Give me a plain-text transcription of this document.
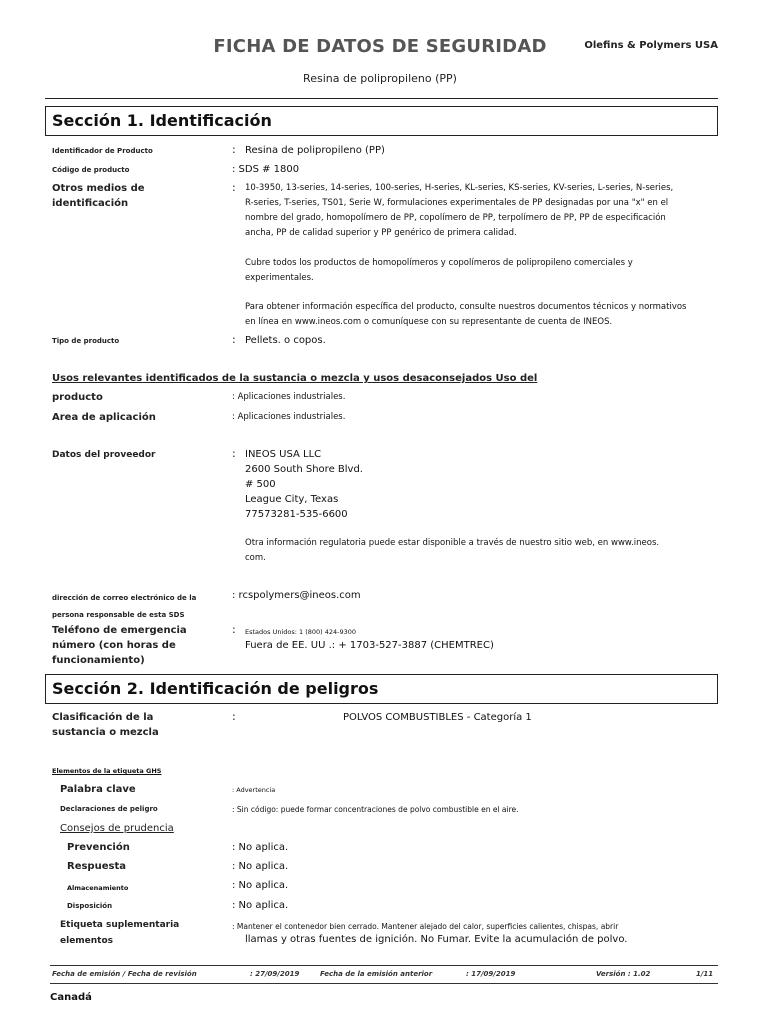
FICHA DE DATOS DE SEGURIDAD	Olefins & Polymers USA
Resina de polipropileno (PP)
Sección 1. Identificación
Identificador de Producto	: Resina de polipropileno (PP)
Código de producto	: SDS # 1800
Otros medios de
identificación
: 10-3950, 13-series, 14-series, 100-series, H-series, KL-series, KS-series, KV-series, L-series, N-series,
R-series, T-series, TS01, Serie W, formulaciones experimentales de PP designadas por una "x" en el
nombre del grado, homopolímero de PP, copolímero de PP, terpolímero de PP, PP de especificación
ancha, PP de calidad superior y PP genérico de primera calidad.
Cubre todos los productos de homopolímeros y copolímeros de polipropileno comerciales y
experimentales.
Para obtener información específica del producto, consulte nuestros documentos técnicos y normativos
en línea en www.ineos.com o comuníquese con su representante de cuenta de INEOS.
Tipo de producto	: Pellets. o copos.
Usos relevantes identificados de la sustancia o mezcla y usos desaconsejados Uso del
producto	: Aplicaciones industriales.
Area de aplicación	: Aplicaciones industriales.
Datos del proveedor	: INEOS USA LLC
2600 South Shore Blvd.
# 500
League City, Texas
77573281-535-6600
Otra información regulatoria puede estar disponible a través de nuestro sitio web, en www.ineos.
com.
dirección de correo electrónico de la
persona responsable de esta SDS
: rcspolymers@ineos.com
Teléfono de emergencia
número (con horas de
funcionamiento)
: Estados Unidos: 1 (800) 424-9300
Fuera de EE. UU .: + 1703-527-3887 (CHEMTREC)
Sección 2. Identificación de peligros
Clasificación de la
sustancia o mezcla
:	POLVOS COMBUSTIBLES - Categoría 1
Elementos de la etiqueta GHS
Palabra clave	: Advertencia
Declaraciones de peligro	: Sin código: puede formar concentraciones de polvo combustible en el aire.
Consejos de prudencia
Prevención	: No aplica.
Respuesta	: No aplica.
Almacenamiento	: No aplica.
Disposición	: No aplica.
Etiqueta suplementaria
elementos
: Mantener el contenedor bien cerrado. Mantener alejado del calor, superficies calientes, chispas, abrir
llamas y otras fuentes de ignición. No Fumar. Evite la acumulación de polvo.
Fecha de emisión / Fecha de revisión	: 27/09/2019	Fecha de la emisión anterior	: 17/09/2019	Versión : 1.02	1/11
Canadá
